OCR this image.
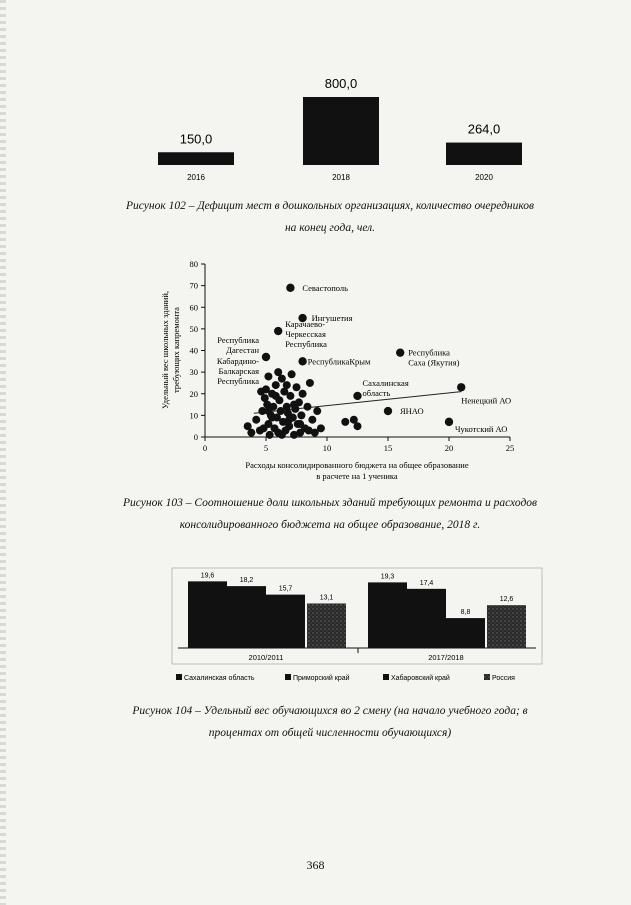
150,0
2016
800,0
2018
264,0
2020
Рисунок 102 – Дефицит мест в дошкольных организациях, количество очередников
на конец года, чел.
0
10
20
30
40
50
60
70
80
0	5	10	15	20	25
Расходы консолидированного бюджета на общее образование
в расчете на 1 ученика
Удельный вес школьных зданий, требующих капремонта
Севастополь
Ингушетия
Карачаево-Черкесская Республика
РеспубликаКрым
Республика Саха (Якутия)
Республика Дагестан
Кабардино-Балкарская Республика	Сахалинская область
Ненецкий АО
ЯНАО
Чукотский АО
Рисунок 103 – Соотношение доли школьных зданий требующих ремонта и расходов
консолидированного бюджета на общее образование, 2018 г.
19,6	19,3
18,2	17,4
15,7
8,8
13,1	12,6
2010/2011	2017/2018
Сахалинская область	Приморский край	Хабаровский край	Россия
Рисунок 104 – Удельный вес обучающихся во 2 смену (на начало учебного года; в
процентах от общей численности обучающихся)
368
